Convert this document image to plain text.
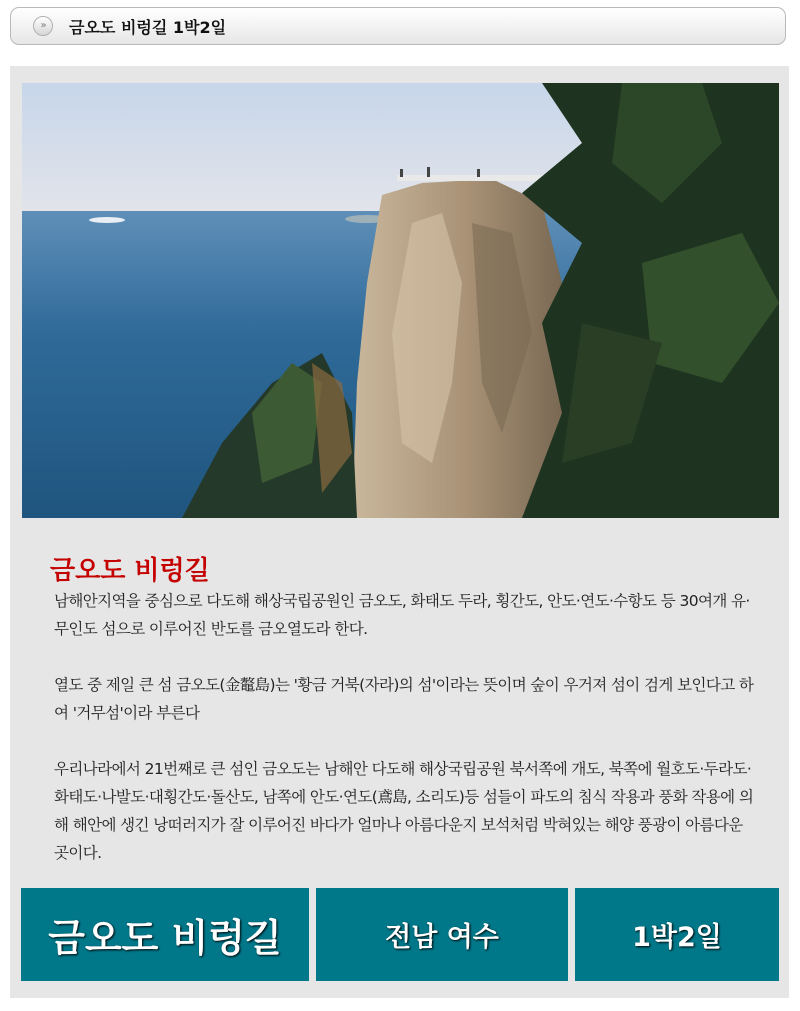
»	금오도 비렁길 1박2일
금오도 비렁길

남해안지역을 중심으로 다도해 해상국립공원인 금오도, 화태도 두라, 횡간도, 안도·연도·수항도 등 30여개 유· 무인도 섬으로 이루어진 반도를 금오열도라 한다.

열도 중 제일 큰 섬 금오도(金鼇島)는 '황금 거북(자라)의 섬'이라는 뜻이며 숲이 우거져 섬이 검게 보인다고 하여 '거무섬'이라 부른다

우리나라에서 21번째로 큰 섬인 금오도는 남해안 다도해 해상국립공원 북서쪽에 개도, 북쪽에 월호도·두라도·화태도·나발도·대횡간도·돌산도, 남쪽에 안도·연도(鳶島, 소리도)등 섬들이 파도의 침식 작용과 풍화 작용에 의해 해안에 생긴 낭떠러지가 잘 이루어진 바다가 얼마나 아름다운지 보석처럼 박혀있는 해양 풍광이 아름다운 곳이다.

금오도 비렁길	전남 여수	1박2일
